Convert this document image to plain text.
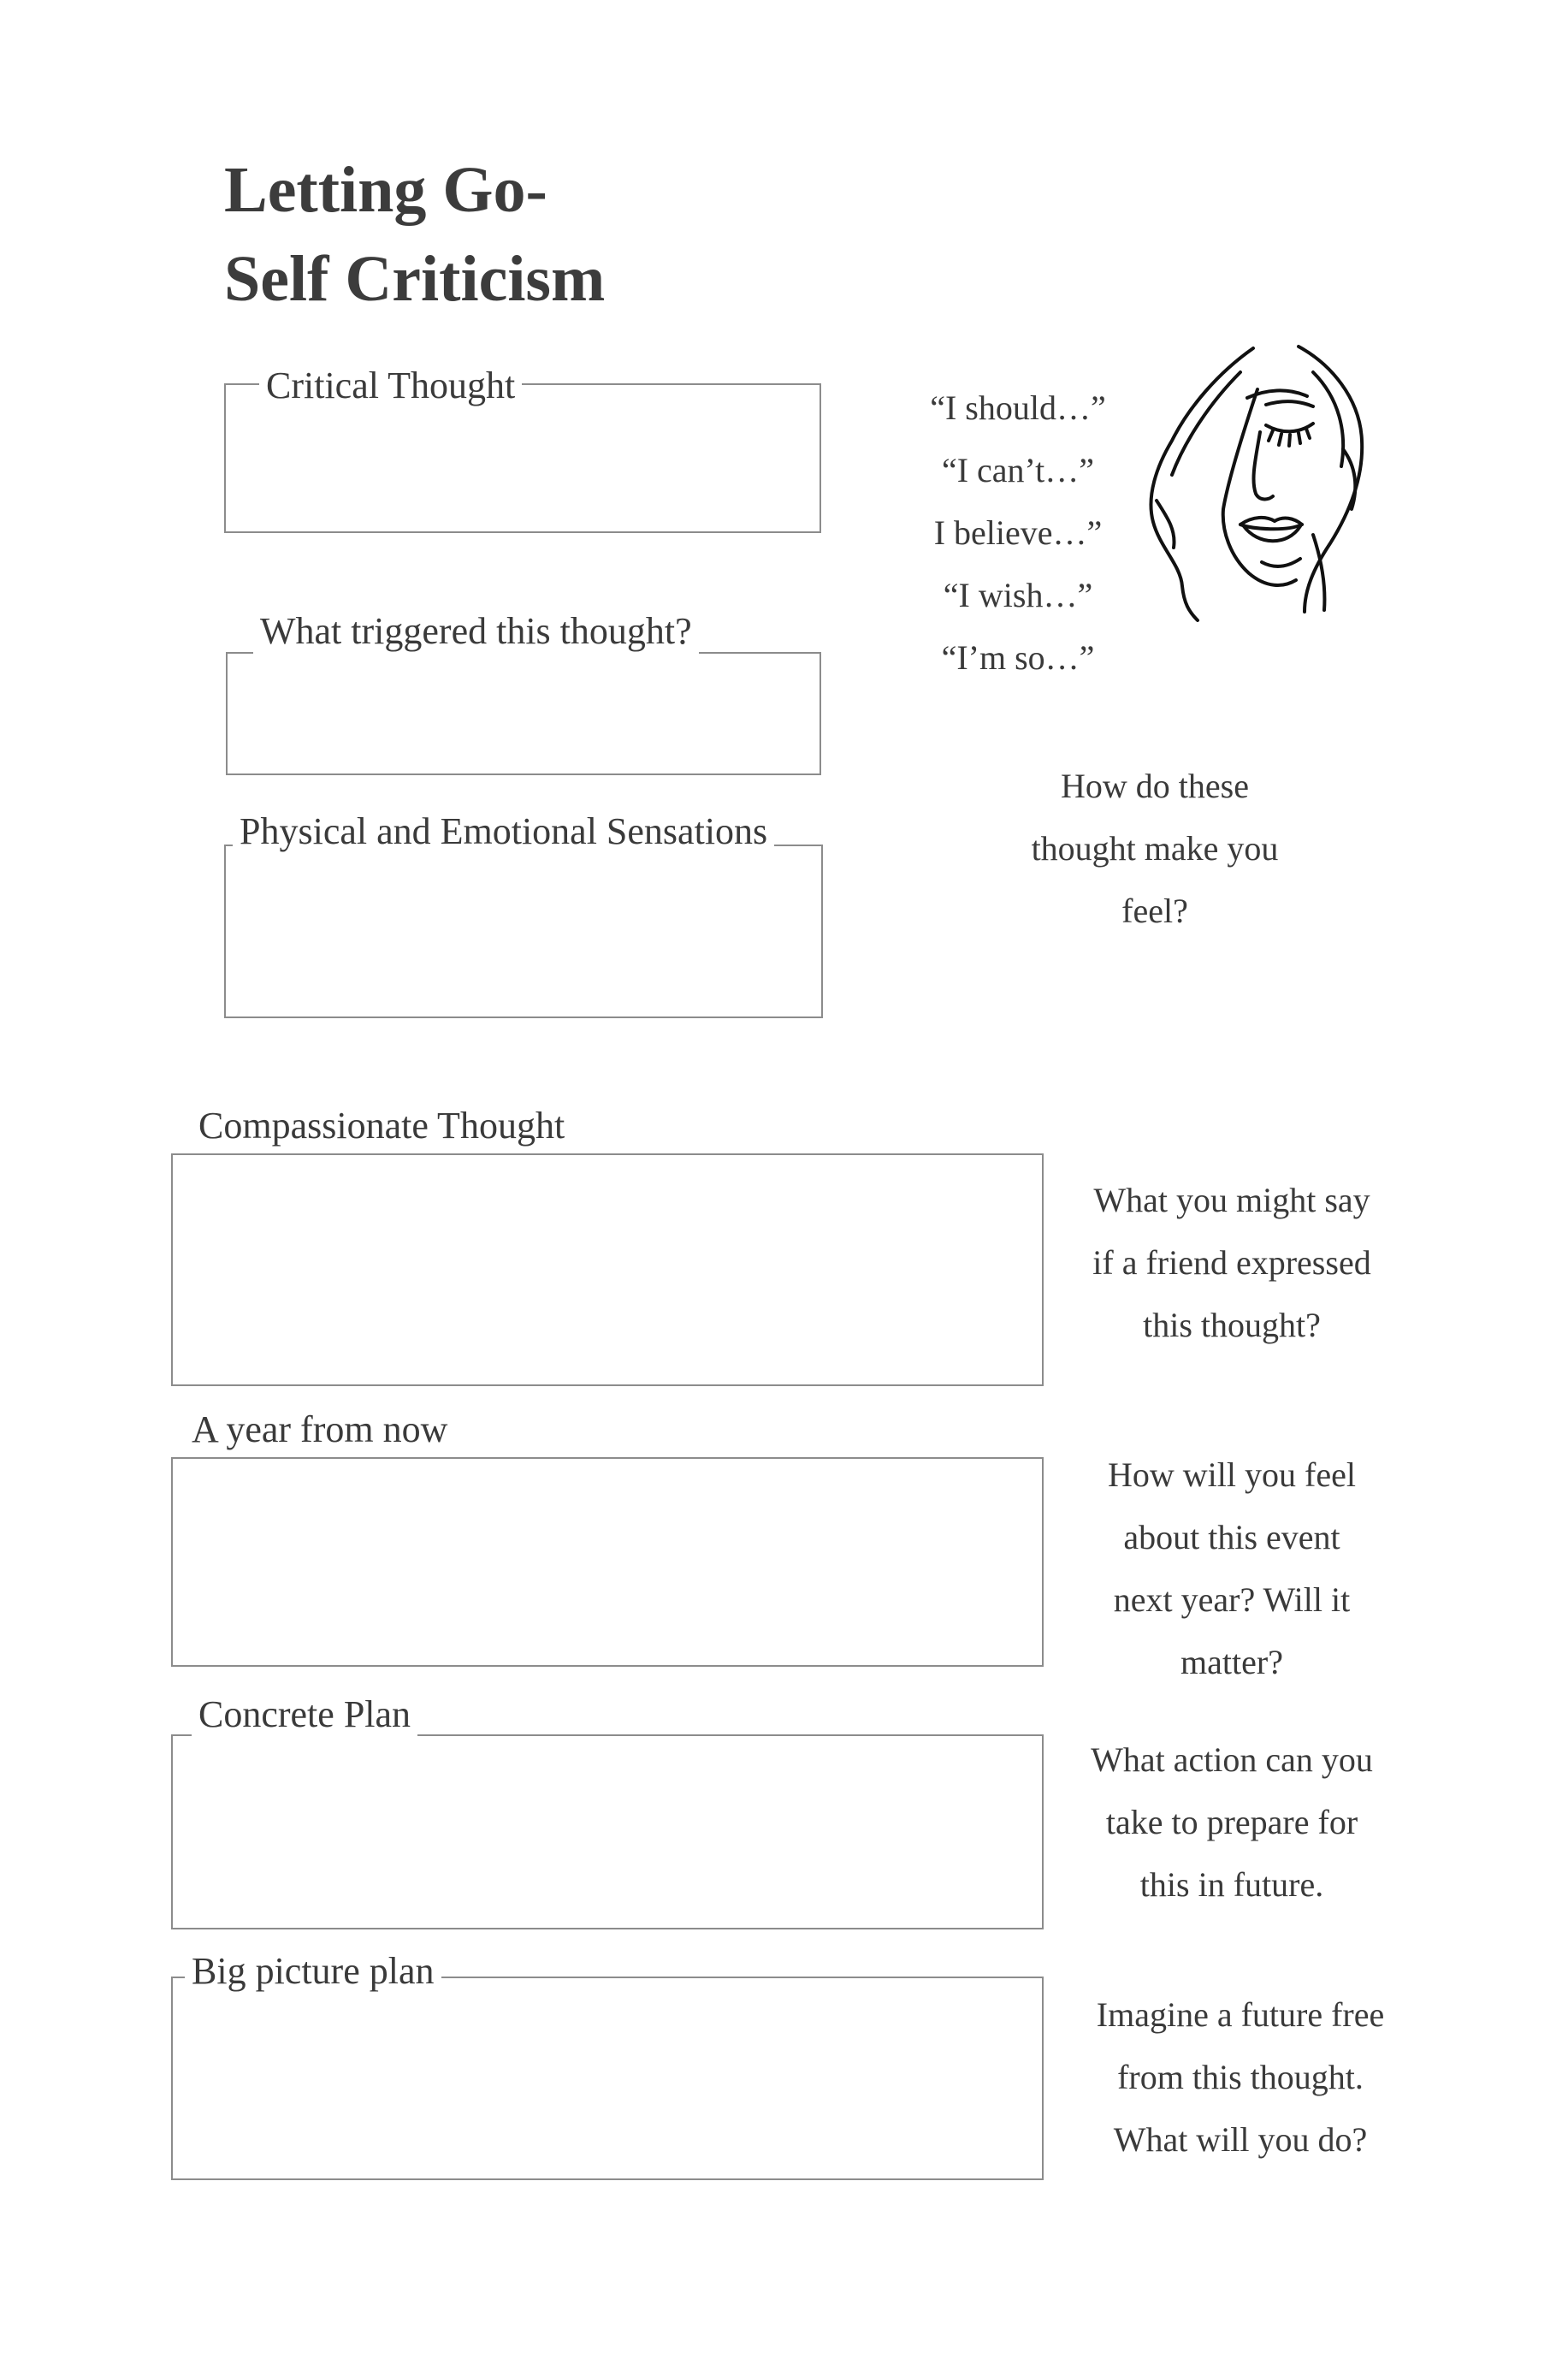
Letting Go-
Self Criticism
Critical Thought
What triggered this thought?
Physical and Emotional Sensations
“I should…”
“I can’t…”
I believe…”
“I wish…”
“I’m so…”
How do these
thought make you
feel?
Compassionate Thought
What you might say
if a friend expressed
this thought?
A year from now
How will you feel
about this event
next year? Will it
matter?
Concrete Plan
What action can you
take to prepare for
this in future.
Big picture plan
Imagine a future free
from this thought.
What will you do?
